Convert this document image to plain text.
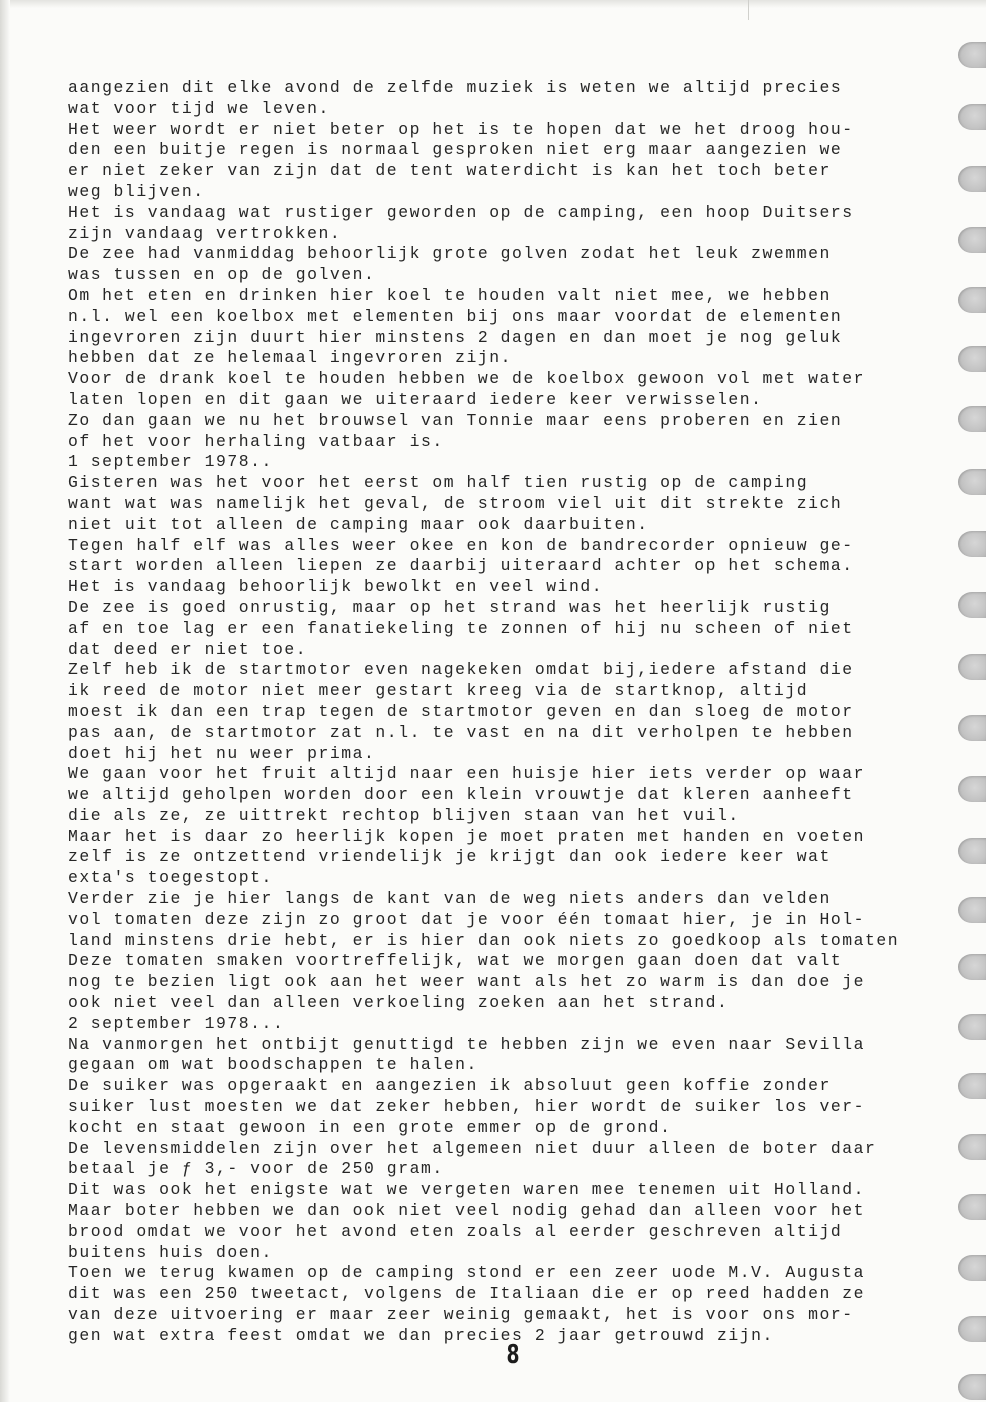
aangezien dit elke avond de zelfde muziek is weten we altijd precies
wat voor tijd we leven.
Het weer wordt er niet beter op het is te hopen dat we het droog hou-
den een buitje regen is normaal gesproken niet erg maar aangezien we
er niet zeker van zijn dat de tent waterdicht is kan het toch beter
weg blijven.
Het is vandaag wat rustiger geworden op de camping, een hoop Duitsers
zijn vandaag vertrokken.
De zee had vanmiddag behoorlijk grote golven zodat het leuk zwemmen
was tussen en op de golven.
Om het eten en drinken hier koel te houden valt niet mee, we hebben
n.l. wel een koelbox met elementen bij ons maar voordat de elementen
ingevroren zijn duurt hier minstens 2 dagen en dan moet je nog geluk
hebben dat ze helemaal ingevroren zijn.
Voor de drank koel te houden hebben we de koelbox gewoon vol met water
laten lopen en dit gaan we uiteraard iedere keer verwisselen.
Zo dan gaan we nu het brouwsel van Tonnie maar eens proberen en zien
of het voor herhaling vatbaar is.
1 september 1978..
Gisteren was het voor het eerst om half tien rustig op de camping
want wat was namelijk het geval, de stroom viel uit dit strekte zich
niet uit tot alleen de camping maar ook daarbuiten.
Tegen half elf was alles weer okee en kon de bandrecorder opnieuw ge-
start worden alleen liepen ze daarbij uiteraard achter op het schema.
Het is vandaag behoorlijk bewolkt en veel wind.
De zee is goed onrustig, maar op het strand was het heerlijk rustig
af en toe lag er een fanatiekeling te zonnen of hij nu scheen of niet
dat deed er niet toe.
Zelf heb ik de startmotor even nagekeken omdat bij,iedere afstand die
ik reed de motor niet meer gestart kreeg via de startknop, altijd
moest ik dan een trap tegen de startmotor geven en dan sloeg de motor
pas aan, de startmotor zat n.l. te vast en na dit verholpen te hebben
doet hij het nu weer prima.
We gaan voor het fruit altijd naar een huisje hier iets verder op waar
we altijd geholpen worden door een klein vrouwtje dat kleren aanheeft
die als ze, ze uittrekt rechtop blijven staan van het vuil.
Maar het is daar zo heerlijk kopen je moet praten met handen en voeten
zelf is ze ontzettend vriendelijk je krijgt dan ook iedere keer wat
exta's toegestopt.
Verder zie je hier langs de kant van de weg niets anders dan velden
vol tomaten deze zijn zo groot dat je voor één tomaat hier, je in Hol-
land minstens drie hebt, er is hier dan ook niets zo goedkoop als tomaten
Deze tomaten smaken voortreffelijk, wat we morgen gaan doen dat valt
nog te bezien ligt ook aan het weer want als het zo warm is dan doe je
ook niet veel dan alleen verkoeling zoeken aan het strand.
2 september 1978...
Na vanmorgen het ontbijt genuttigd te hebben zijn we even naar Sevilla
gegaan om wat boodschappen te halen.
De suiker was opgeraakt en aangezien ik absoluut geen koffie zonder
suiker lust moesten we dat zeker hebben, hier wordt de suiker los ver-
kocht en staat gewoon in een grote emmer op de grond.
De levensmiddelen zijn over het algemeen niet duur alleen de boter daar
betaal je ƒ 3,- voor de 250 gram.
Dit was ook het enigste wat we vergeten waren mee tenemen uit Holland.
Maar boter hebben we dan ook niet veel nodig gehad dan alleen voor het
brood omdat we voor het avond eten zoals al eerder geschreven altijd
buitens huis doen.
Toen we terug kwamen op de camping stond er een zeer uode M.V. Augusta
dit was een 250 tweetact, volgens de Italiaan die er op reed hadden ze
van deze uitvoering er maar zeer weinig gemaakt, het is voor ons mor-
gen wat extra feest omdat we dan precies 2 jaar getrouwd zijn.
8
